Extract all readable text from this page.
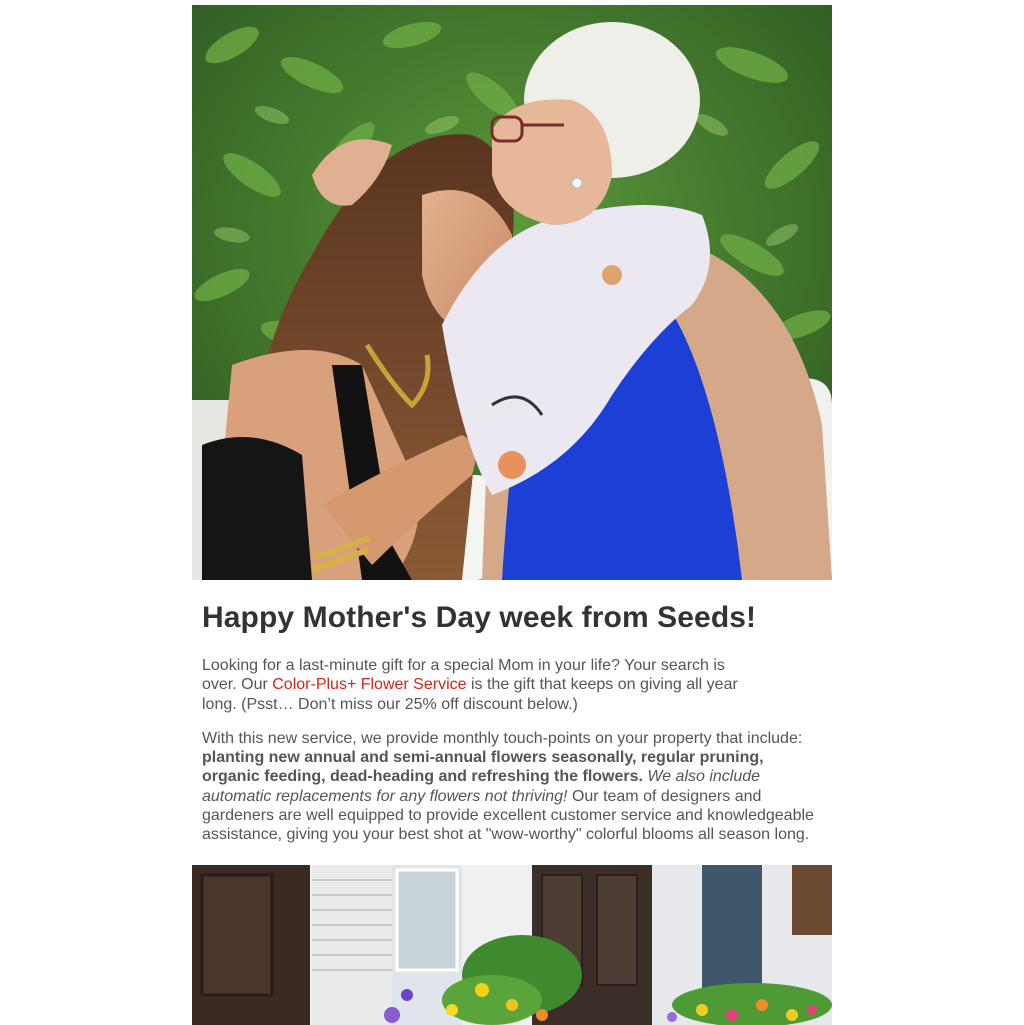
Happy Mother's Day week from Seeds!

Looking for a last-minute gift for a special Mom in your life? Your search is over. Our Color-Plus+ Flower Service is the gift that keeps on giving all year long. (Psst… Don’t miss our 25% off discount below.)

With this new service, we provide monthly touch-points on your property that include: planting new annual and semi-annual flowers seasonally, regular pruning, organic feeding, dead-heading and refreshing the flowers. We also include automatic replacements for any flowers not thriving! Our team of designers and gardeners are well equipped to provide excellent customer service and knowledgeable assistance, giving you your best shot at "wow-worthy" colorful blooms all season long.
